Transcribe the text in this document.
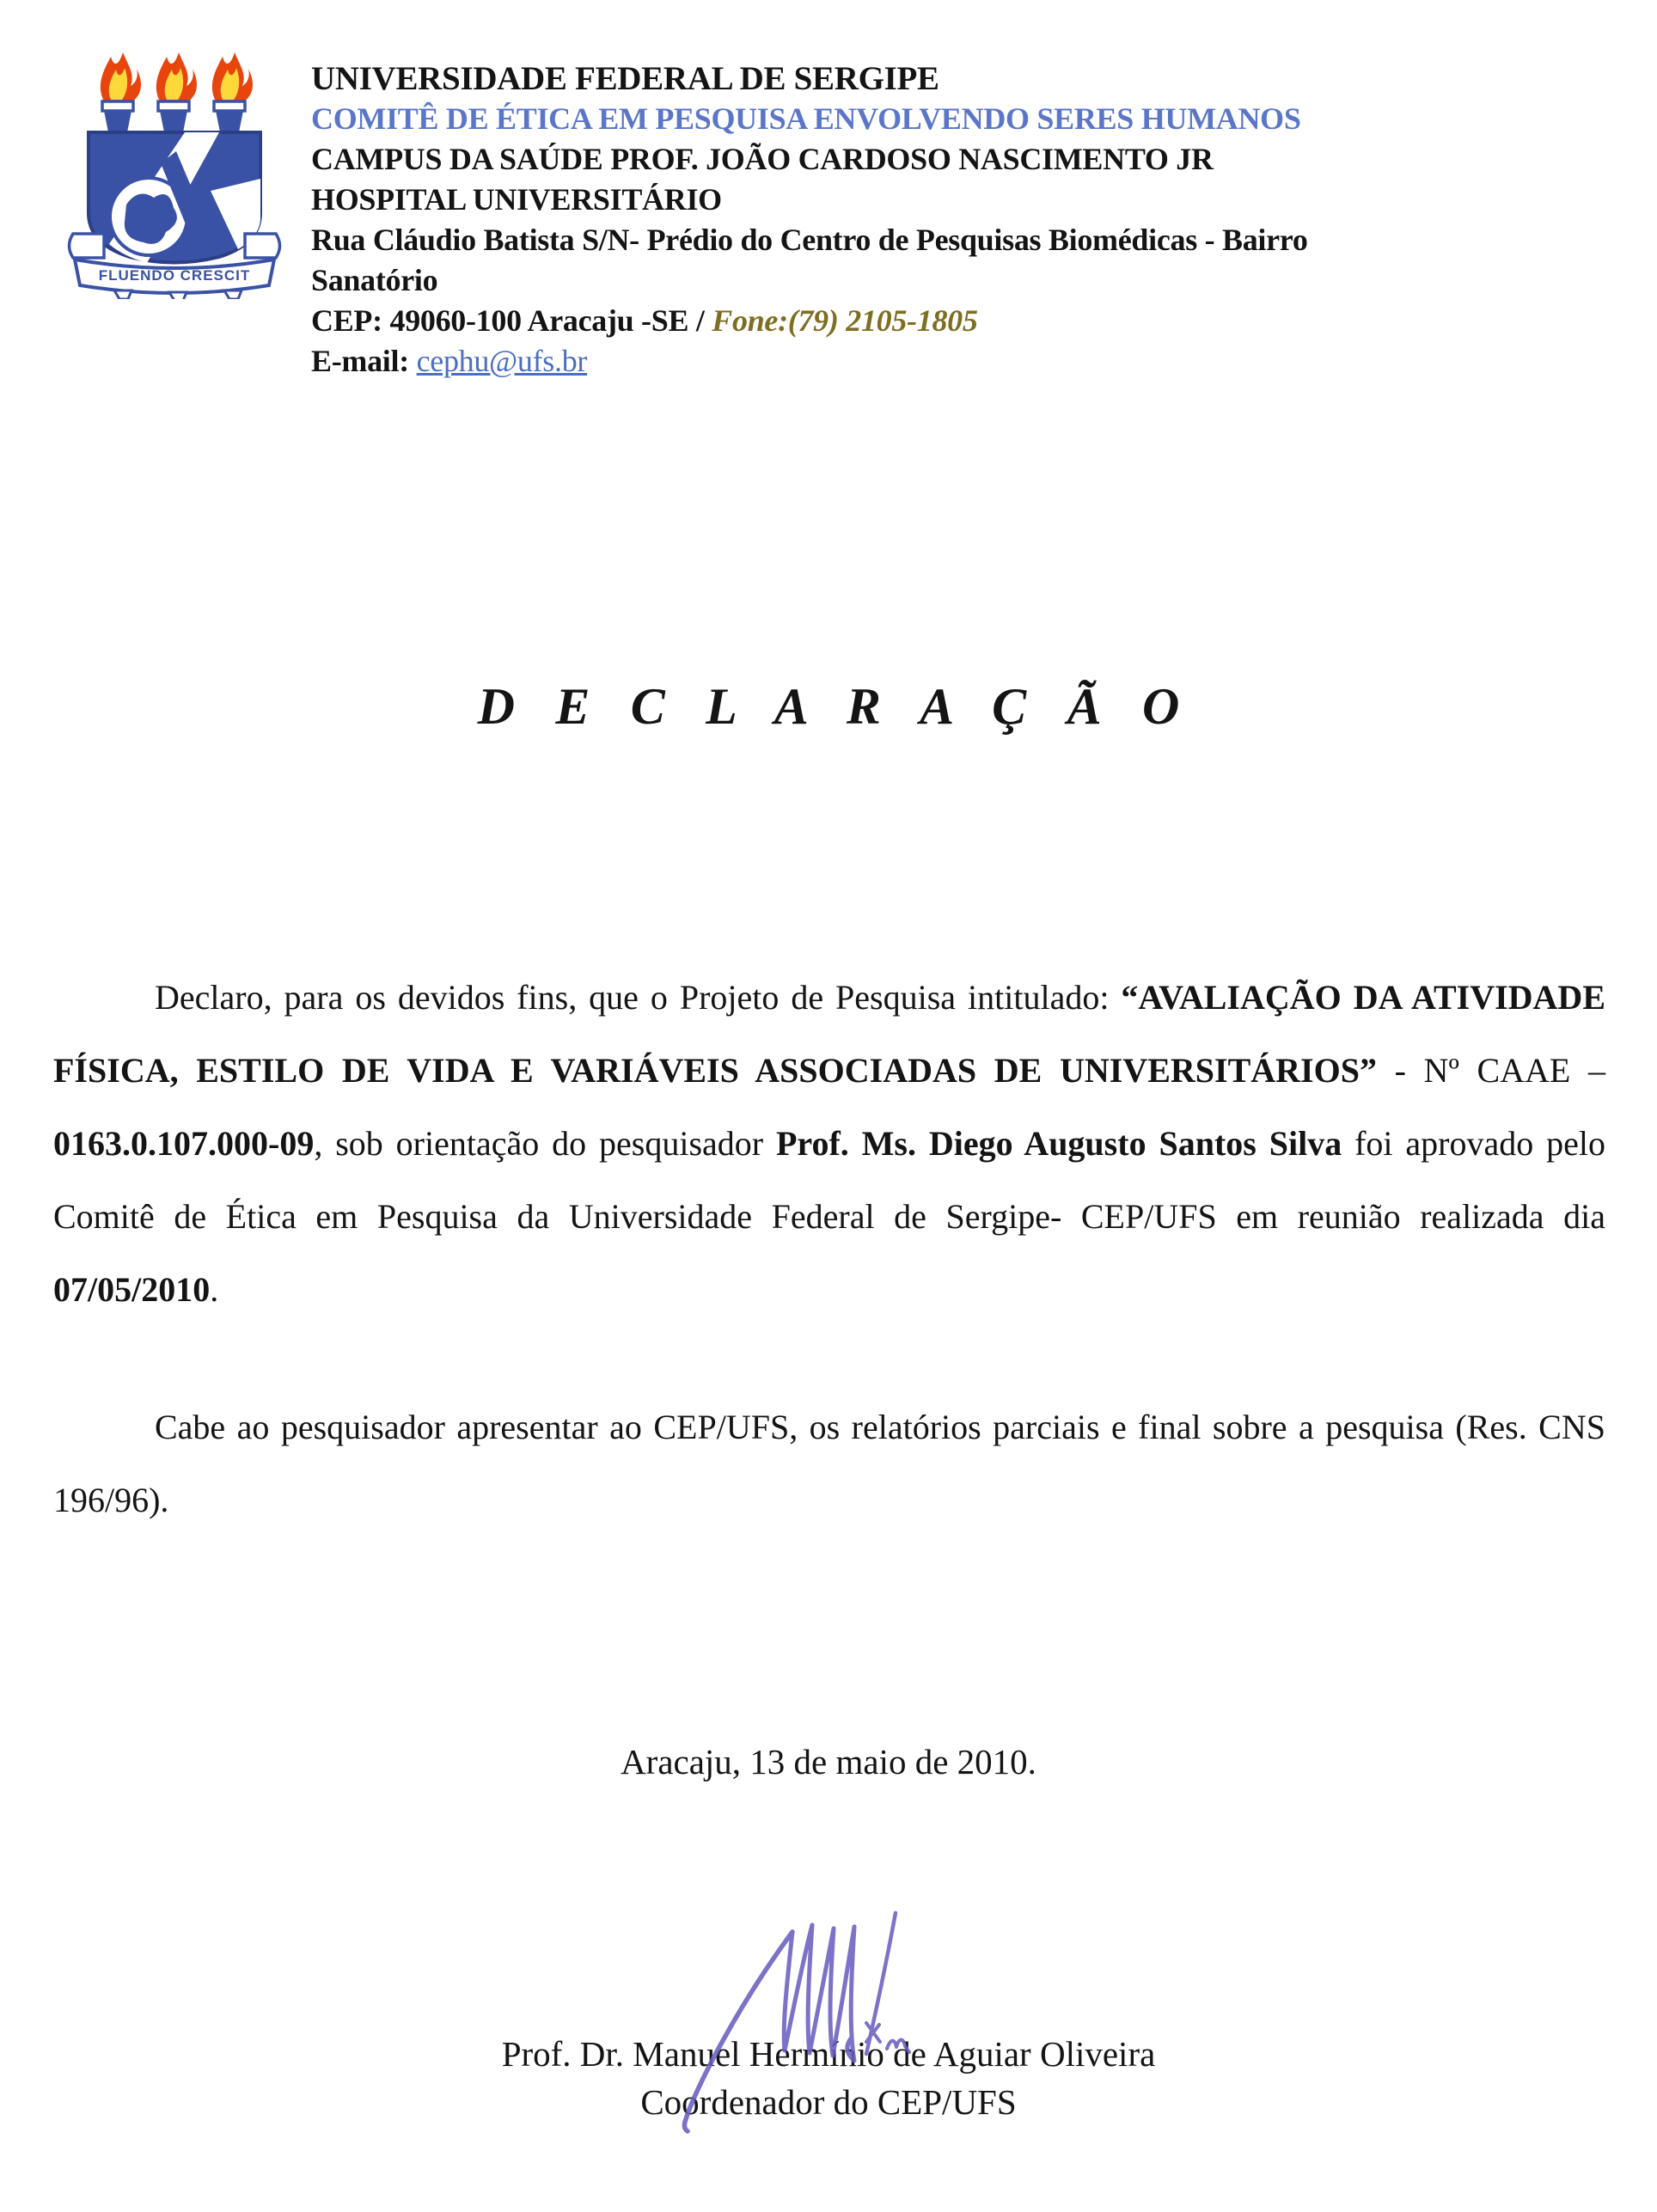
FLUENDO CRESCIT
UNIVERSIDADE FEDERAL DE SERGIPE
COMITÊ DE ÉTICA EM PESQUISA ENVOLVENDO SERES HUMANOS
CAMPUS DA SAÚDE PROF. JOÃO CARDOSO NASCIMENTO JR
HOSPITAL UNIVERSITÁRIO
Rua Cláudio Batista S/N- Prédio do Centro de Pesquisas Biomédicas - Bairro
Sanatório
CEP: 49060-100 Aracaju -SE / Fone:(79) 2105-1805
E-mail: cephu@ufs.br
D E C L A R A Ç Ã O

Declaro, para os devidos fins, que o Projeto de Pesquisa intitulado: “AVALIAÇÃO DA ATIVIDADE FÍSICA, ESTILO DE VIDA E VARIÁVEIS ASSOCIADAS DE UNIVERSITÁRIOS” - Nº CAAE – 0163.0.107.000-09, sob orientação do pesquisador Prof. Ms. Diego Augusto Santos Silva foi aprovado pelo Comitê de Ética em Pesquisa da Universidade Federal de Sergipe- CEP/UFS em reunião realizada dia 07/05/2010.

Cabe ao pesquisador apresentar ao CEP/UFS, os relatórios parciais e final sobre a pesquisa (Res. CNS 196/96).

Aracaju, 13 de maio de 2010.
Prof. Dr. Manuel Hermínio de Aguiar Oliveira
Coordenador do CEP/UFS
